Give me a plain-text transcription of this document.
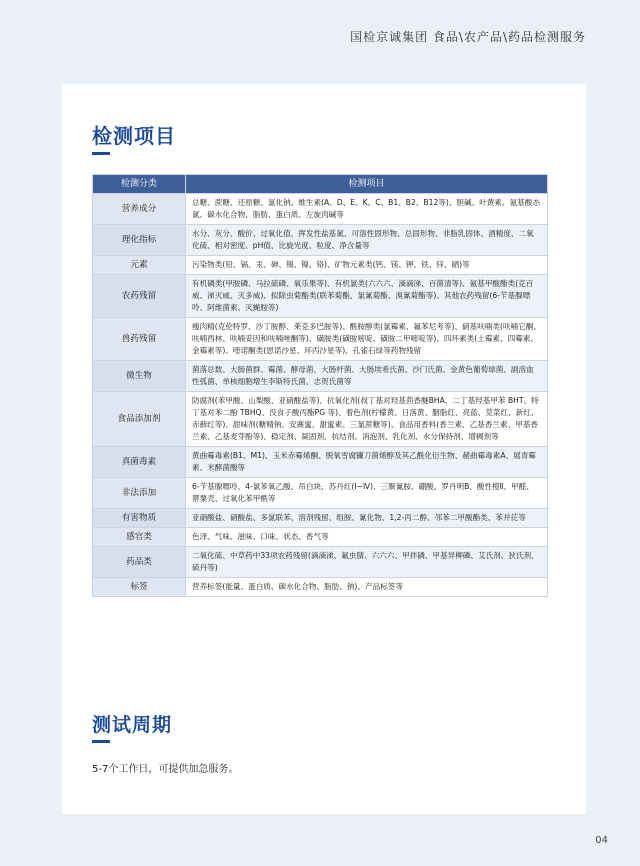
国检京诚集团 食品\农产品\药品检测服务
检测项目
检测分类	检测项目
营养成分	总糖、蔗糖、还原糖、氯化钠、维生素(A、D、E、K、C、B1、B2、B12等)、胆碱、叶黄素、氨基酸态氮、碳水化合物、脂肪、蛋白质、左旋肉碱等
理化指标	水分、灰分、酸价、过氧化值、挥发性盐基氮、可溶性固形物、总固形物、非脂乳固体、酒精度、二氧化硫、相对密度、pH值、比旋光度、粒度、净含量等
元素	污染物类(铅、镉、汞、砷、锡、镍、铬)、矿物元素类(钙、镁、钾、铁、锌、硒)等
农药残留	有机磷类(甲胺磷、马拉硫磷、氧乐果等)、有机氯类(六六六、滴滴涕、百菌清等)、氨基甲酸酯类(克百威、涕灭威、灭多威)、拟除虫菊酯类(联苯菊酯、氯氰菊酯、溴氰菊酯等)、其他农药残留(6-苄基腺嘌呤、阿维菌素、灭蝇胺等)
兽药残留	瘦肉精(克伦特罗、沙丁胺醇、莱克多巴胺等)、酰胺醇类(氯霉素、氟苯尼考等)、硝基呋喃类(呋喃它酮、呋喃西林、呋喃妥因和呋喃唑酮等)、磺胺类(磺胺嘧啶、磺胺二甲嘧啶等)、四环素类(土霉素、四霉素、金霉素等)、喹诺酮类(恩诺沙星、环丙沙星等)、孔雀石绿等药物残留
微生物	菌落总数、大肠菌群、霉菌、酵母菌、大肠杆菌、大肠埃希氏菌、沙门氏菌、金黄色葡萄球菌、副溶血性弧菌、单核细胞增生李斯特氏菌、志贺氏菌等
食品添加剂	防腐剂(苯甲酸、山梨酸、亚硝酸盐等)、抗氧化剂(叔丁基对羟基茴香醚BHA、二丁基羟基甲苯 BHT、特丁基对苯二酚 TBHQ、没食子酸丙酯PG 等)、着色剂(柠檬黄、日落黄、胭脂红、亮蓝、苋菜红、新红、赤藓红等)、甜味剂(糖精钠、安赛蜜、甜蜜素、三氯蔗糖等)、食品用香料(香兰素、乙基香兰素、甲基香兰素、乙基麦芽酚等)、稳定剂、凝固剂、抗结剂、消泡剂、乳化剂、水分保持剂、增稠剂等
真菌毒素	黄曲霉毒素(B1、M1)、玉米赤霉烯酮、脱氧雪腐镰刀菌烯醇及其乙酰化衍生物、赭曲霉毒素A、展青霉素、米酵菌酸等
非法添加	6-苄基腺嘌呤、4-氯苯氧乙酸、吊白块、苏丹红(Ⅰ~Ⅳ)、三聚氰胺、硼酸、罗丹明B、酸性橙Ⅱ、甲醛、罂粟壳、过氧化苯甲酰等
有害物质	亚硝酸盐、硝酸盐、多氯联苯、溶剂残留、组胺、氰化物、1,2-丙二醇、邻苯二甲酸酯类、苯并芘等
感官类	色泽、气味、滋味、口味、状态、香气等
药品类	二氧化硫、中草药中33项农药残留(滴滴涕、氟虫腈、六六六、甲拌磷、甲基异柳磷、艾氏剂、狄氏剂、硫丹等)
标签	营养标签(能量、蛋白质、碳水化合物、脂肪、钠)、产品标签等
测试周期
5-7个工作日，可提供加急服务。
04
